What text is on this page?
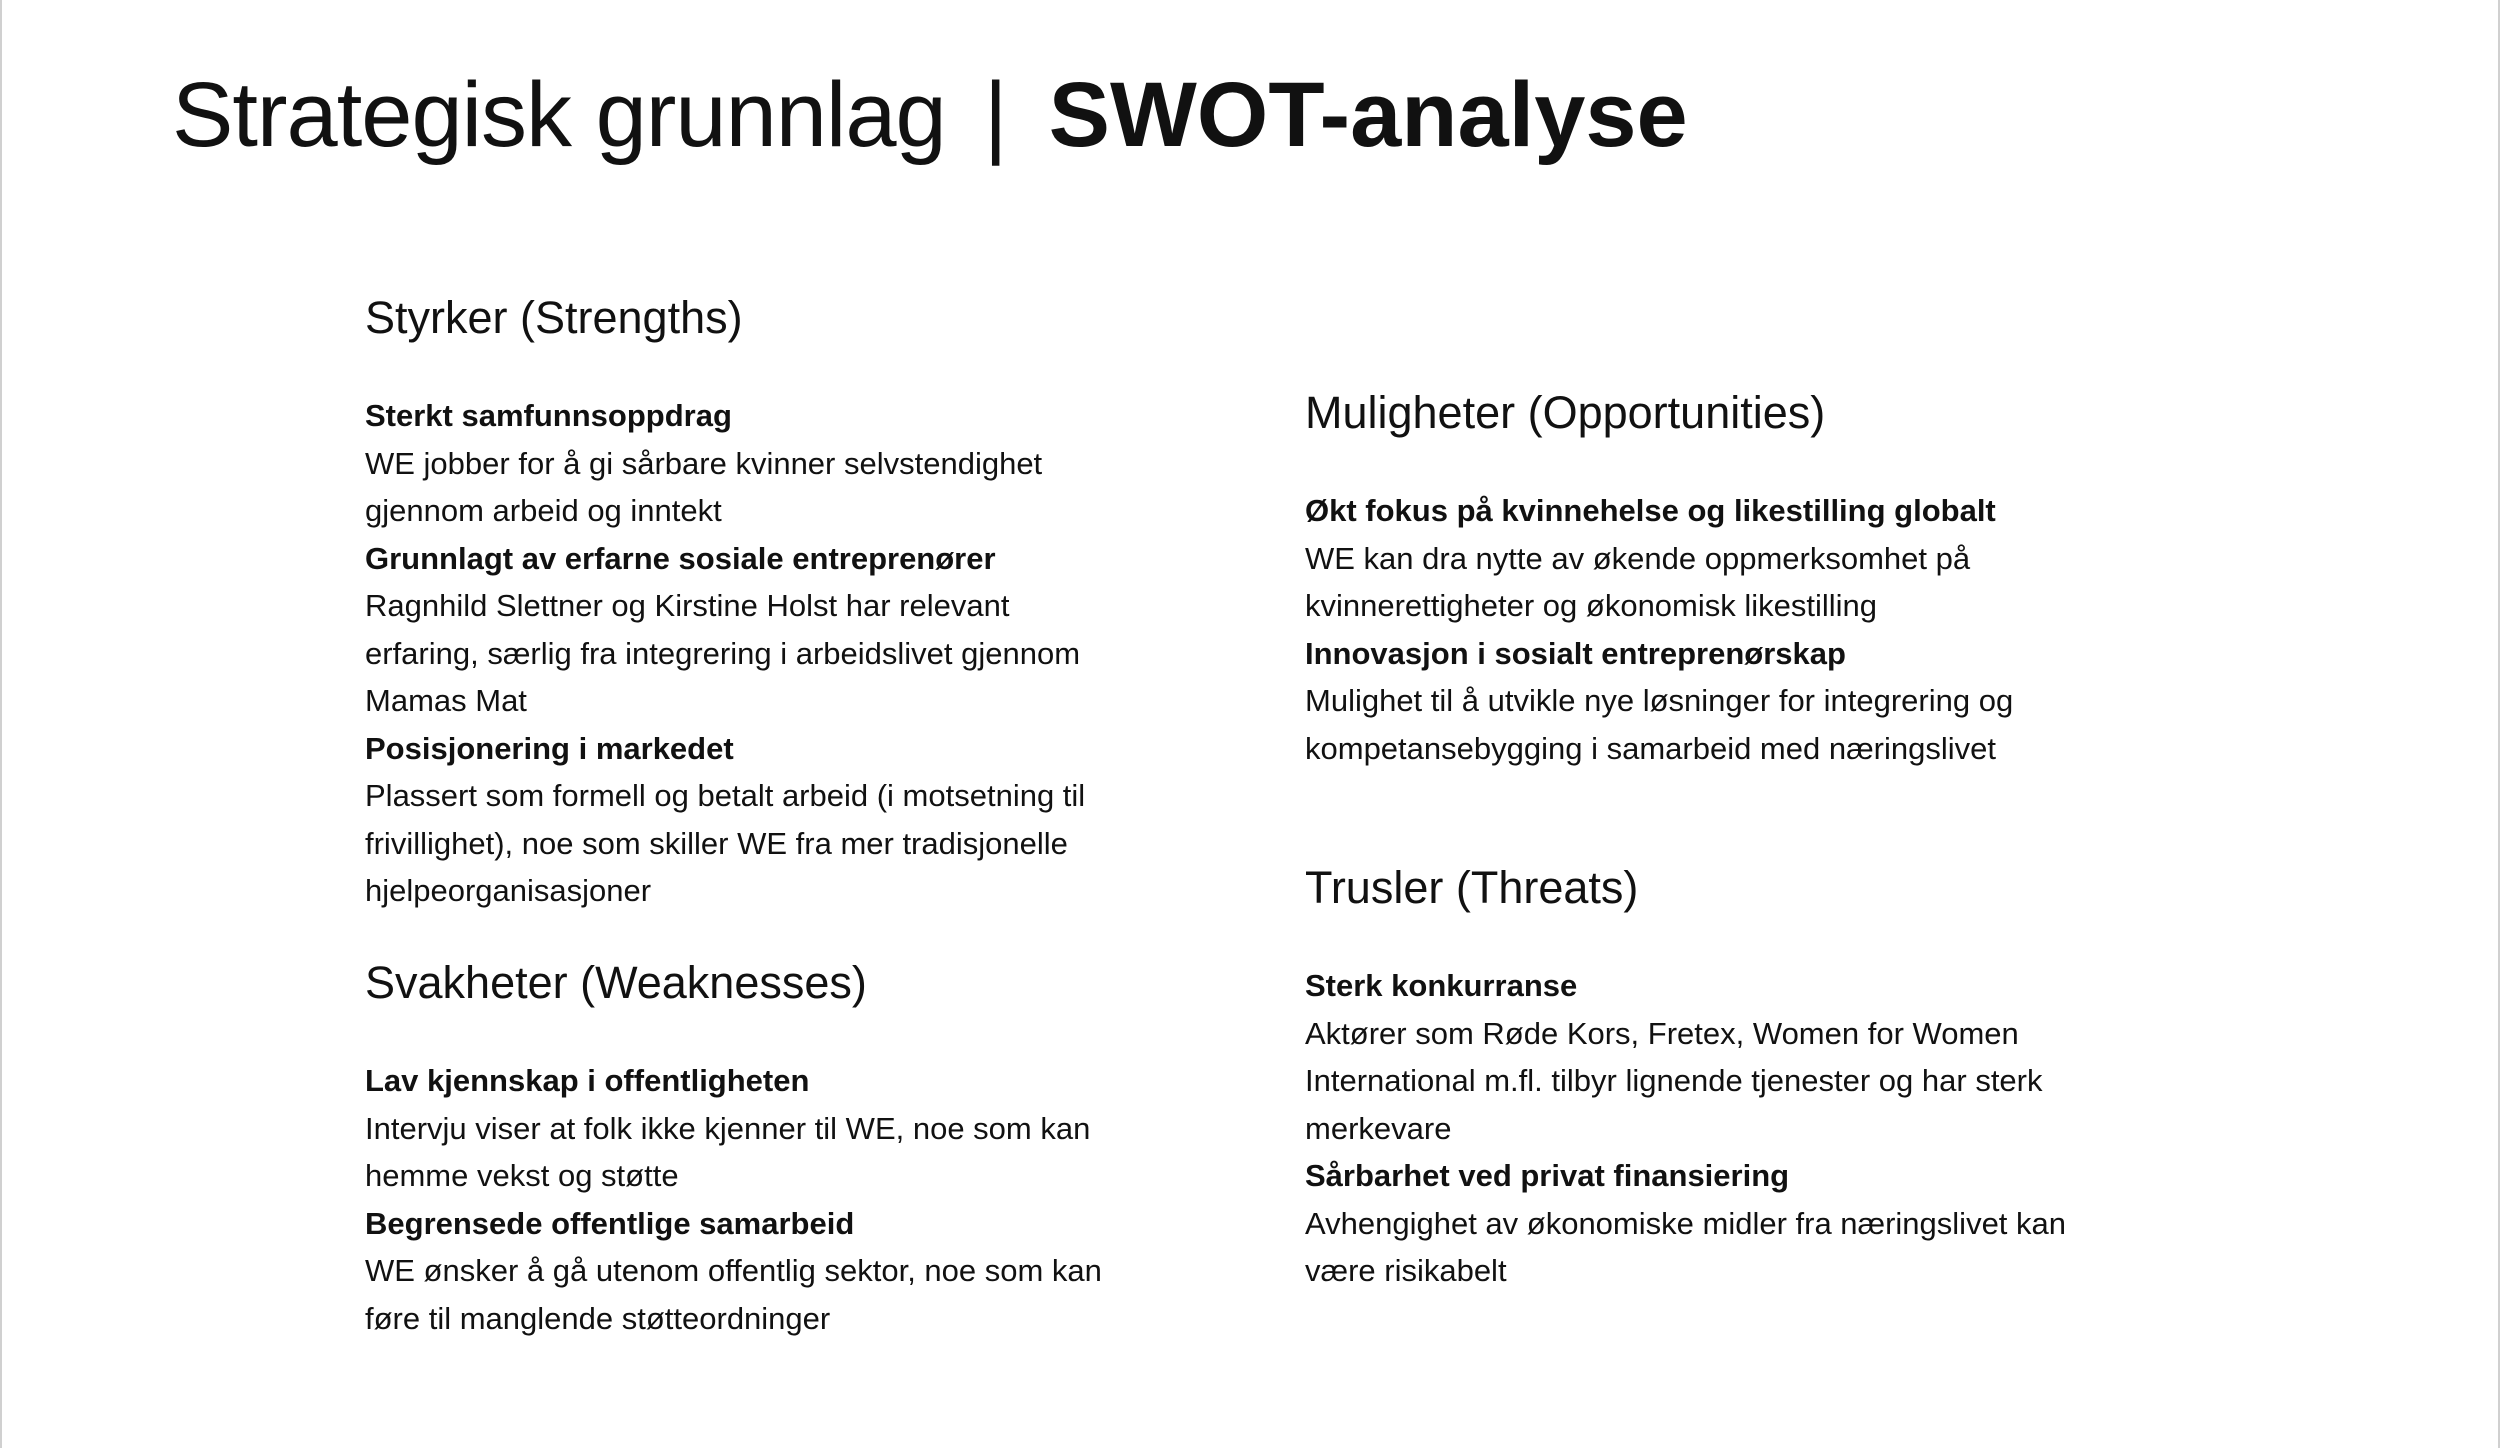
Strategisk grunnlag | SWOT-analyse
Styrker (Strengths)

Sterkt samfunnsoppdrag

WE jobber for å gi sårbare kvinner selvstendighet gjennom arbeid og inntekt

Grunnlagt av erfarne sosiale entreprenører

Ragnhild Slettner og Kirstine Holst har relevant erfaring, særlig fra integrering i arbeidslivet gjennom Mamas Mat

Posisjonering i markedet

Plassert som formell og betalt arbeid (i motsetning til frivillighet), noe som skiller WE fra mer tradisjonelle hjelpeorganisasjoner

Svakheter (Weaknesses)

Lav kjennskap i offentligheten

Intervju viser at folk ikke kjenner til WE, noe som kan hemme vekst og støtte

Begrensede offentlige samarbeid

WE ønsker å gå utenom offentlig sektor, noe som kan føre til manglende støtteordninger

Muligheter (Opportunities)

Økt fokus på kvinnehelse og likestilling globalt

WE kan dra nytte av økende oppmerksomhet på kvinnerettigheter og økonomisk likestilling

Innovasjon i sosialt entreprenørskap

Mulighet til å utvikle nye løsninger for integrering og kompetansebygging i samarbeid med næringslivet

Trusler (Threats)

Sterk konkurranse

Aktører som Røde Kors, Fretex, Women for Women International m.fl. tilbyr lignende tjenester og har sterk merkevare

Sårbarhet ved privat finansiering

Avhengighet av økonomiske midler fra næringslivet kan være risikabelt
